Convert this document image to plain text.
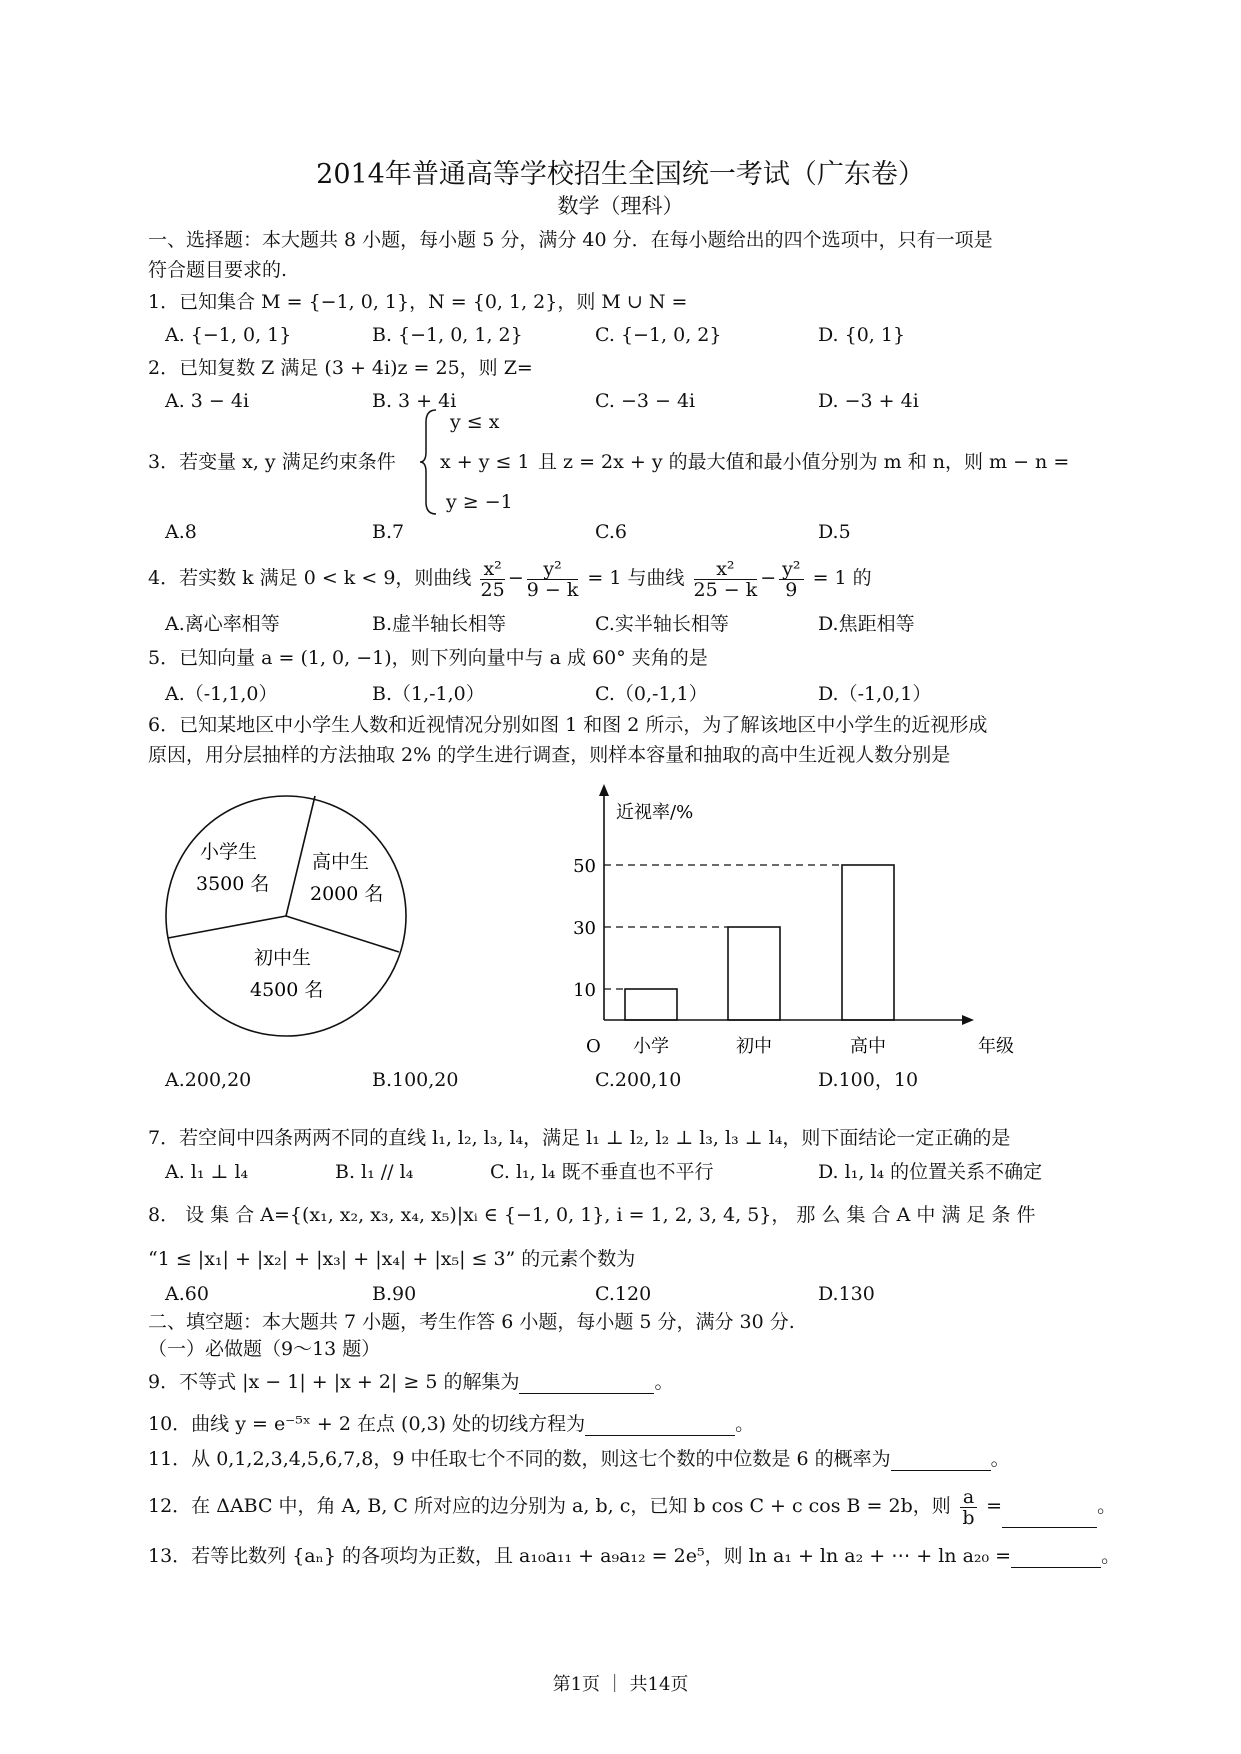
2014年普通高等学校招生全国统一考试（广东卷）
数学（理科）
一、选择题：本大题共 8 小题，每小题 5 分，满分 40 分．在每小题给出的四个选项中，只有一项是
符合题目要求的.
1．已知集合 M = {−1, 0, 1}，N = {0, 1, 2}，则 M ∪ N =
A. {−1, 0, 1}	B. {−1, 0, 1, 2}	C. {−1, 0, 2}	D. {0, 1}
2．已知复数 Z 满足 (3 + 4i)z = 25，则 Z=
A. 3 − 4i	B. 3 + 4i	C. −3 − 4i	D. −3 + 4i
3．若变量 x, y 满足约束条件
y ≤ x
x + y ≤ 1
y ≥ −1
且 z = 2x + y 的最大值和最小值分别为 m 和 n，则 m − n =
A.8	B.7	C.6	D.5
4．若实数 k 满足 0 < k < 9，则曲线 $\frac{\text{x²}}{25} - \frac{\text{y²}}{9 - k} = 1$ 与曲线 $\frac{\text{x²}}{25 - k} - \frac{\text{y²}}{9} = 1$ 的
A.离心率相等	B.虚半轴长相等	C.实半轴长相等	D.焦距相等
5．已知向量 a = (1, 0, −1)，则下列向量中与 a 成 60° 夹角的是
A.（-1,1,0）	B.（1,-1,0）	C.（0,-1,1）	D.（-1,0,1）
6．已知某地区中小学生人数和近视情况分别如图 1 和图 2 所示，为了解该地区中小学生的近视形成
原因，用分层抽样的方法抽取 2% 的学生进行调查，则样本容量和抽取的高中生近视人数分别是
小学生
3500 名
高中生
2000 名
初中生
4500 名
小学	初中	高中
10
30
50
近视率/%
O	年级
A.200,20	B.100,20	C.200,10	D.100，10
7．若空间中四条两两不同的直线 l₁, l₂, l₃, l₄，满足 l₁ ⊥ l₂, l₂ ⊥ l₃, l₃ ⊥ l₄，则下面结论一定正确的是
A. l₁ ⊥ l₄	B. l₁ // l₄	C. l₁, l₄ 既不垂直也不平行	D. l₁, l₄ 的位置关系不确定
8． 设 集 合 A={(x₁, x₂, x₃, x₄, x₅)|xᵢ ∈ {−1, 0, 1}, i = 1, 2, 3, 4, 5}， 那 么 集 合 A 中 满 足 条 件
“1 ≤ |x₁| + |x₂| + |x₃| + |x₄| + |x₅| ≤ 3” 的元素个数为
A.60	B.90	C.120	D.130
二、填空题：本大题共 7 小题，考生作答 6 小题，每小题 5 分，满分 30 分.
（一）必做题（9～13 题）
9．不等式 |x − 1| + |x + 2| ≥ 5 的解集为	。
10．曲线 y = e⁻⁵ˣ + 2 在点 (0,3) 处的切线方程为	。
11．从 0,1,2,3,4,5,6,7,8，9 中任取七个不同的数，则这七个数的中位数是 6 的概率为	。
12．在 ΔABC 中，角 A, B, C 所对应的边分别为 a, b, c，已知 b cos C + c cos B = 2b，则 $\frac{a}{b}$ =	。
13．若等比数列 {aₙ} 的各项均为正数，且 a₁₀a₁₁ + a₉a₁₂ = 2e⁵，则 ln a₁ + ln a₂ + ⋯ + ln a₂₀ =	。
第1页 ｜ 共14页
